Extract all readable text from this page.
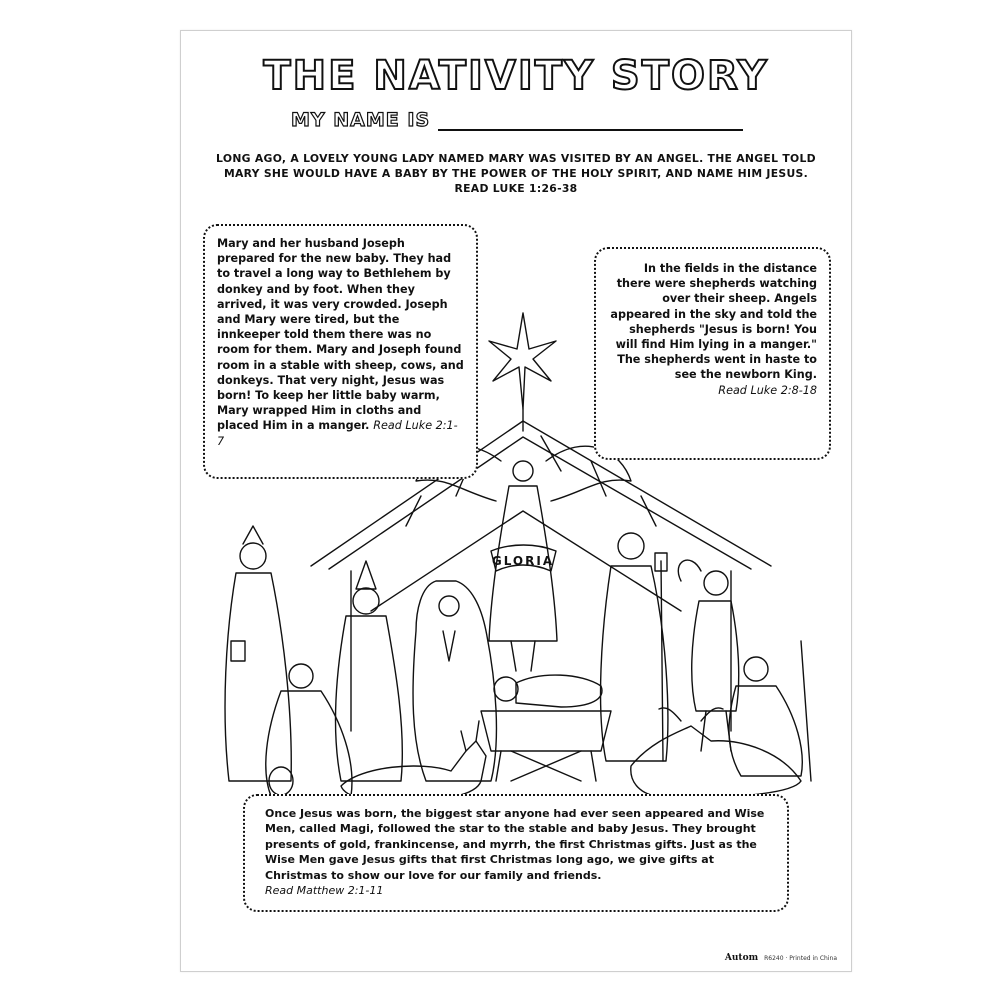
THE NATIVITY STORY
MY NAME IS

LONG AGO, A LOVELY YOUNG LADY NAMED MARY WAS VISITED BY AN ANGEL. THE ANGEL TOLD MARY SHE WOULD HAVE A BABY BY THE POWER OF THE HOLY SPIRIT, AND NAME HIM JESUS.
READ LUKE 1:26-38

GLORIA

Mary and her husband Joseph prepared for the new baby. They had to travel a long way to Bethlehem by donkey and by foot. When they arrived, it was very crowded. Joseph and Mary were tired, but the innkeeper told them there was no room for them. Mary and Joseph found room in a stable with sheep, cows, and donkeys. That very night, Jesus was born! To keep her little baby warm, Mary wrapped Him in cloths and placed Him in a manger. Read Luke 2:1-7

In the fields in the distance there were shepherds watching over their sheep. Angels appeared in the sky and told the shepherds "Jesus is born! You will find Him lying in a manger." The shepherds went in haste to see the newborn King.

Read Luke 2:8-18

Once Jesus was born, the biggest star anyone had ever seen appeared and Wise Men, called Magi, followed the star to the stable and baby Jesus. They brought presents of gold, frankincense, and myrrh, the first Christmas gifts. Just as the Wise Men gave Jesus gifts that first Christmas long ago, we give gifts at Christmas to show our love for our family and friends.

Read Matthew 2:1-11

Autom R6240 · Printed in China
